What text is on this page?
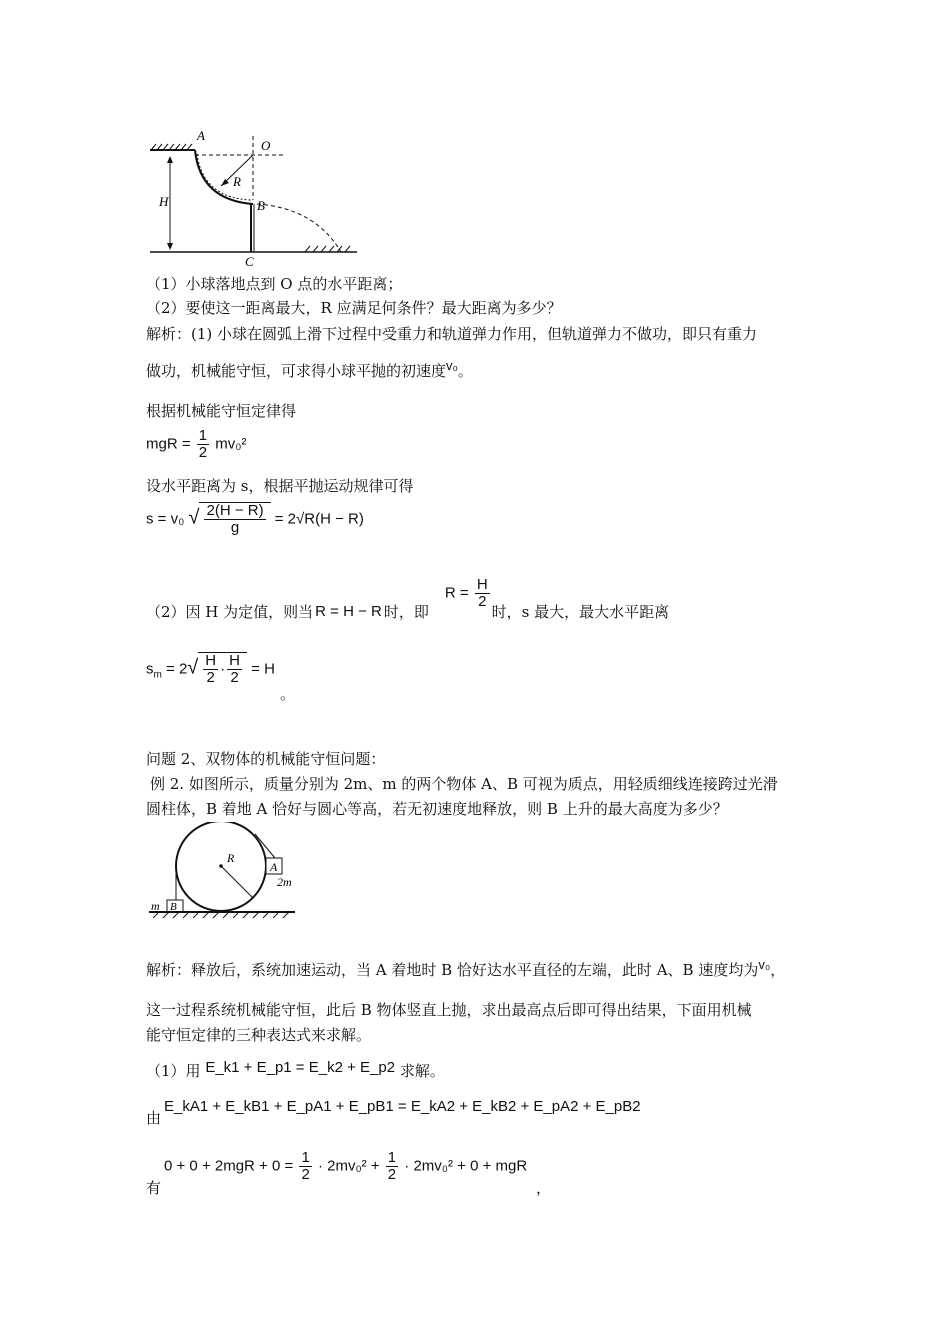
A
O
R
H	B
C
（1）小球落地点到 O 点的水平距离；
（2）要使这一距离最大，R 应满足何条件？最大距离为多少？
解析：(1) 小球在圆弧上滑下过程中受重力和轨道弹力作用，但轨道弹力不做功，即只有重力
做功，机械能守恒，可求得小球平抛的初速度v₀。
根据机械能守恒定律得
mgR = $\frac{1}{2} mv_0^2$
设水平距离为 s，根据平抛运动规律可得
s = v₀ √ $\frac{2(H - R)}{g} = 2√R(H - R)$
（2）因 H 为定值，则当 R = H − R 时，即
$R = \frac{H}{2}$
时，s 最大，最大水平距离
$s_m = 2√ \frac{H}{2} \cdot \frac{H}{2} = H$
。
问题 2、双物体的机械能守恒问题：
例 2. 如图所示，质量分别为 2m、m 的两个物体 A、B 可视为质点，用轻质细线连接跨过光滑
圆柱体，B 着地 A 恰好与圆心等高，若无初速度地释放，则 B 上升的最大高度为多少？
R
A
2m
m B
解析：释放后，系统加速运动，当 A 着地时 B 恰好达水平直径的左端，此时 A、B 速度均为v₀，
这一过程系统机械能守恒，此后 B 物体竖直上抛，求出最高点后即可得出结果，下面用机械
能守恒定律的三种表达式来求解。
（1）用 E_k1 + E_p1 = E_k2 + E_p2 求解。
由
E_kA1 + E_kB1 + E_pA1 + E_pB1 = E_kA2 + E_kB2 + E_pA2 + E_pB2
有
$0 + 0 + 2mgR + 0 = \frac{1}{2} \cdot 2mv_0^2 + \frac{1}{2} \cdot 2mv_0^2 + 0$ + mgR
，
